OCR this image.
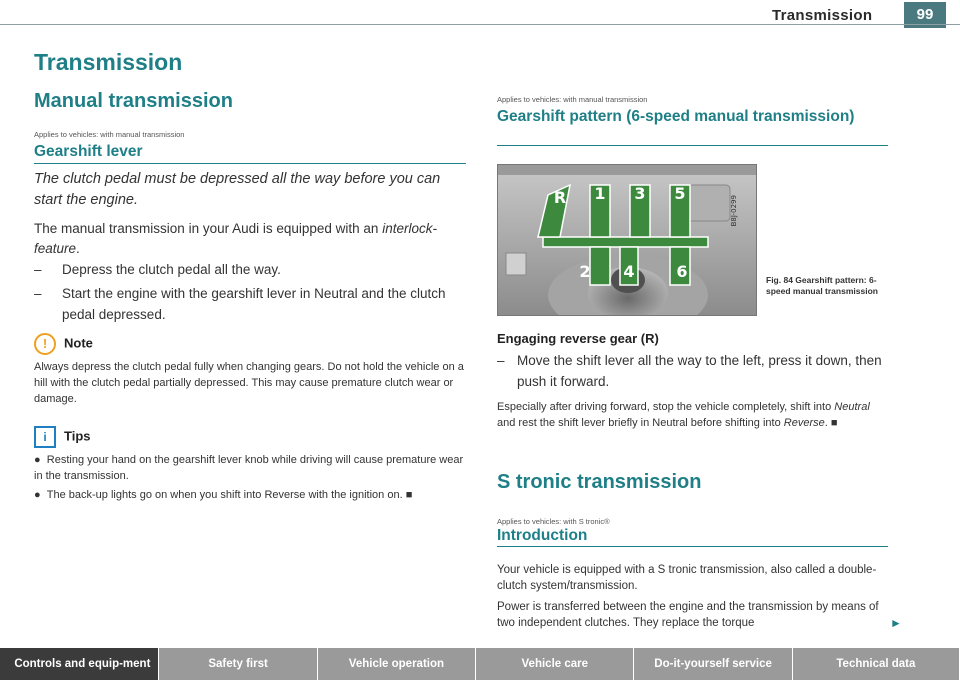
Transmission	99
Transmission
Manual transmission
Applies to vehicles: with manual transmission
Gearshift lever
The clutch pedal must be depressed all the way before you can start the engine.
The manual transmission in your Audi is equipped with an interlock-feature.
–	Depress the clutch pedal all the way.
–	Start the engine with the gearshift lever in Neutral and the clutch pedal depressed.
! Note
Always depress the clutch pedal fully when changing gears. Do not hold the vehicle on a hill with the clutch pedal partially depressed. This may cause premature clutch wear or damage.
i Tips
●  Resting your hand on the gearshift lever knob while driving will cause premature wear in the transmission.
●  The back-up lights go on when you shift into Reverse with the ignition on. ■
Applies to vehicles: with manual transmission
Gearshift pattern (6-speed manual transmission)
R 1 3 5
2 4	6
B8J-0299
Fig. 84 Gearshift pattern: 6-speed manual transmission
Engaging reverse gear (R)
– Move the shift lever all the way to the left, press it down, then push it forward.
Especially after driving forward, stop the vehicle completely, shift into Neutral and rest the shift lever briefly in Neutral before shifting into Reverse. ■
S tronic transmission
Applies to vehicles: with S tronic®
Introduction
Your vehicle is equipped with a S tronic transmission, also called a double-clutch system/transmission.
Power is transferred between the engine and the transmission by means of two independent clutches. They replace the torque	►
Controls and equip-ment	Safety first	Vehicle operation	Vehicle care	Do-it-yourself service	Technical data
